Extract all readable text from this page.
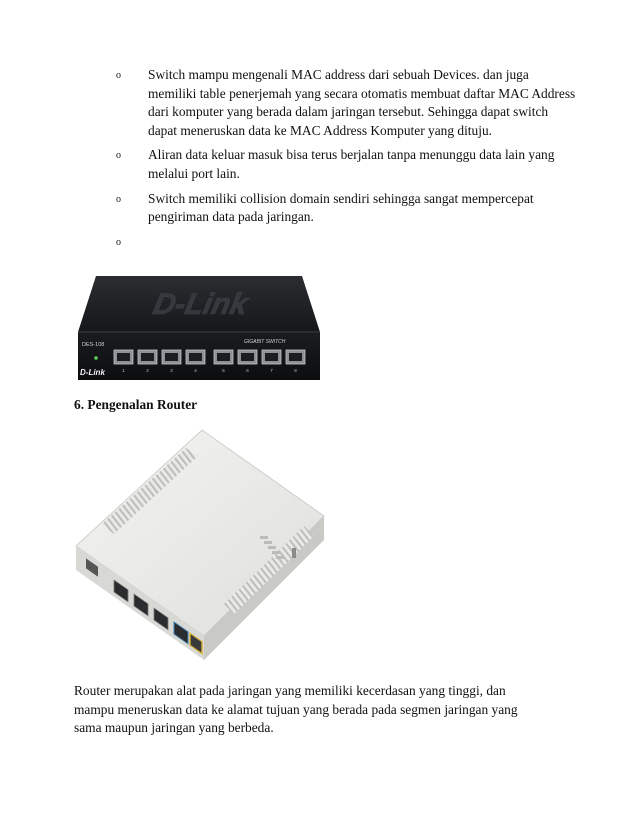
o	Switch mampu mengenali MAC address dari sebuah Devices. dan juga memiliki table penerjemah yang secara otomatis membuat daftar MAC Address dari komputer yang berada dalam jaringan tersebut. Sehingga dapat switch dapat meneruskan data ke MAC Address Komputer yang dituju.
o	Aliran data keluar masuk bisa terus berjalan tanpa menunggu data lain yang melalui port lain.
o	Switch memiliki collision domain sendiri sehingga sangat mempercepat pengiriman data pada jaringan.
o
D-Link
DES-108	GIGABIT SWITCH
D-Link	1	2	3	4	5	6	7	8
6. Pengenalan Router

Router merupakan alat pada jaringan yang memiliki kecerdasan yang tinggi, dan mampu meneruskan data ke alamat tujuan yang berada pada segmen jaringan yang sama maupun jaringan yang berbeda.
